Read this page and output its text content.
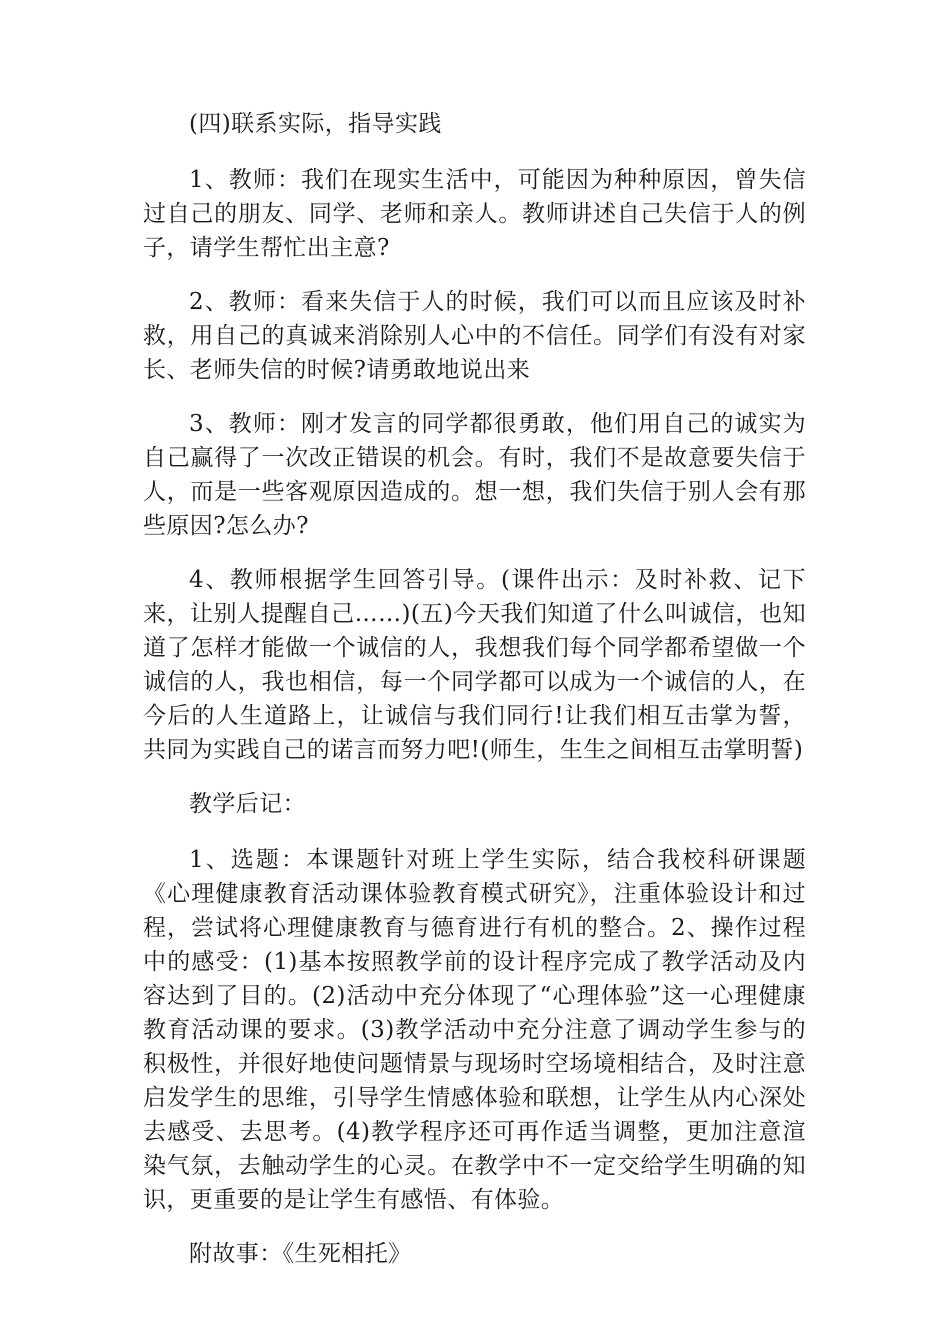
(四)联系实际，指导实践

1、教师：我们在现实生活中，可能因为种种原因，曾失信过自己的朋友、同学、老师和亲人。教师讲述自己失信于人的例子，请学生帮忙出主意?

2、教师：看来失信于人的时候，我们可以而且应该及时补救，用自己的真诚来消除别人心中的不信任。同学们有没有对家长、老师失信的时候?请勇敢地说出来

3、教师：刚才发言的同学都很勇敢，他们用自己的诚实为自己赢得了一次改正错误的机会。有时，我们不是故意要失信于人，而是一些客观原因造成的。想一想，我们失信于别人会有那些原因?怎么办?

4、教师根据学生回答引导。(课件出示：及时补救、记下来，让别人提醒自己……)(五)今天我们知道了什么叫诚信，也知道了怎样才能做一个诚信的人，我想我们每个同学都希望做一个诚信的人，我也相信，每一个同学都可以成为一个诚信的人，在今后的人生道路上，让诚信与我们同行!让我们相互击掌为誓，共同为实践自己的诺言而努力吧!(师生，生生之间相互击掌明誓)

教学后记：

1、选题：本课题针对班上学生实际，结合我校科研课题《心理健康教育活动课体验教育模式研究》，注重体验设计和过程，尝试将心理健康教育与德育进行有机的整合。2、操作过程中的感受：(1)基本按照教学前的设计程序完成了教学活动及内容达到了目的。(2)活动中充分体现了“心理体验”这一心理健康教育活动课的要求。(3)教学活动中充分注意了调动学生参与的积极性，并很好地使问题情景与现场时空场境相结合，及时注意启发学生的思维，引导学生情感体验和联想，让学生从内心深处去感受、去思考。(4)教学程序还可再作适当调整，更加注意渲染气氛，去触动学生的心灵。在教学中不一定交给学生明确的知识，更重要的是让学生有感悟、有体验。

附故事：《生死相托》
